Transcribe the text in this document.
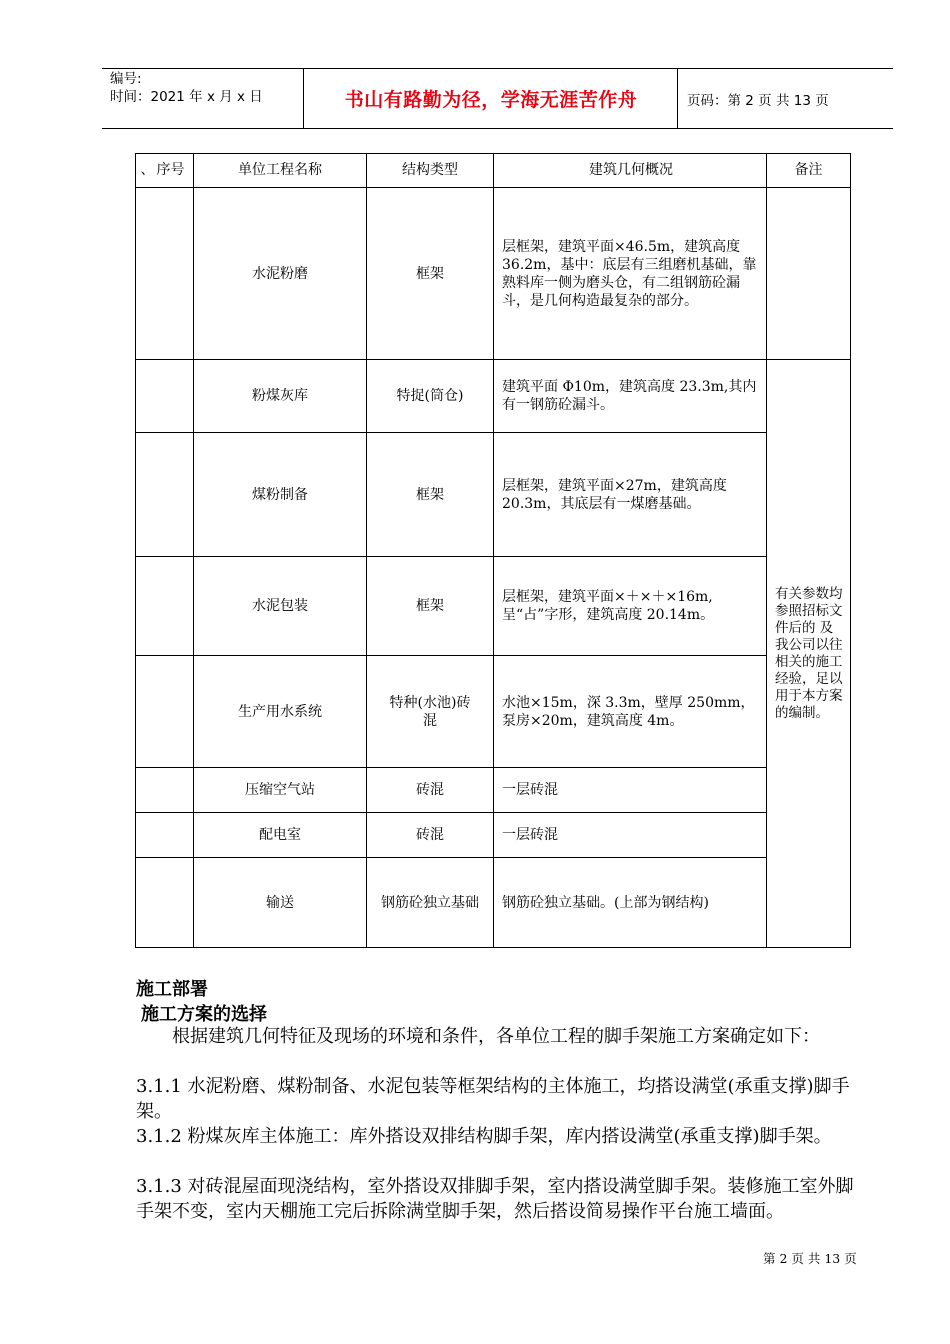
编号:
时间：2021 年 x 月 x 日	书山有路勤为径，学海无涯苦作舟	页码：第 2 页 共 13 页
、 序号	单位工程名称	结构类型	建筑几何概况	备注
	水泥粉磨	框架	层框架，建筑平面×46.5m，建筑高度 36.2m，基中：底层有三组磨机基础，靠熟料库一侧为磨头仓，有二组钢筋砼漏斗，是几何构造最复杂的部分。	
	粉煤灰库	特捉(筒仓)	建筑平面 Φ10m，建筑高度 23.3m,其内有一钢筋砼漏斗。	有关参数均参照招标文件后的 及我公司以往相关的施工经验，足以用于本方案的编制。
	煤粉制备	框架	层框架，建筑平面×27m，建筑高度 20.3m，其底层有一煤磨基础。	
	水泥包装	框架	层框架，建筑平面×＋×＋×16m,呈“占”字形，建筑高度 20.14m。	
	生产用水系统	特种(水池)砖混	水池×15m，深 3.3m，壁厚 250mm，泵房×20m，建筑高度 4m。	
	压缩空气站	砖混	一层砖混	
	配电室	砖混	一层砖混	
	输送	钢筋砼独立基础	钢筋砼独立基础。(上部为钢结构)	
施工部署
施工方案的选择
根据建筑几何特征及现场的环境和条件，各单位工程的脚手架施工方案确定如下：
3.1.1 水泥粉磨、煤粉制备、水泥包装等框架结构的主体施工，均搭设满堂(承重支撑)脚手架。
3.1.2 粉煤灰库主体施工：库外搭设双排结构脚手架，库内搭设满堂(承重支撑)脚手架。
3.1.3 对砖混屋面现浇结构，室外搭设双排脚手架，室内搭设满堂脚手架。装修施工室外脚手架不变，室内天棚施工完后拆除满堂脚手架，然后搭设简易操作平台施工墙面。
第 2 页 共 13 页
